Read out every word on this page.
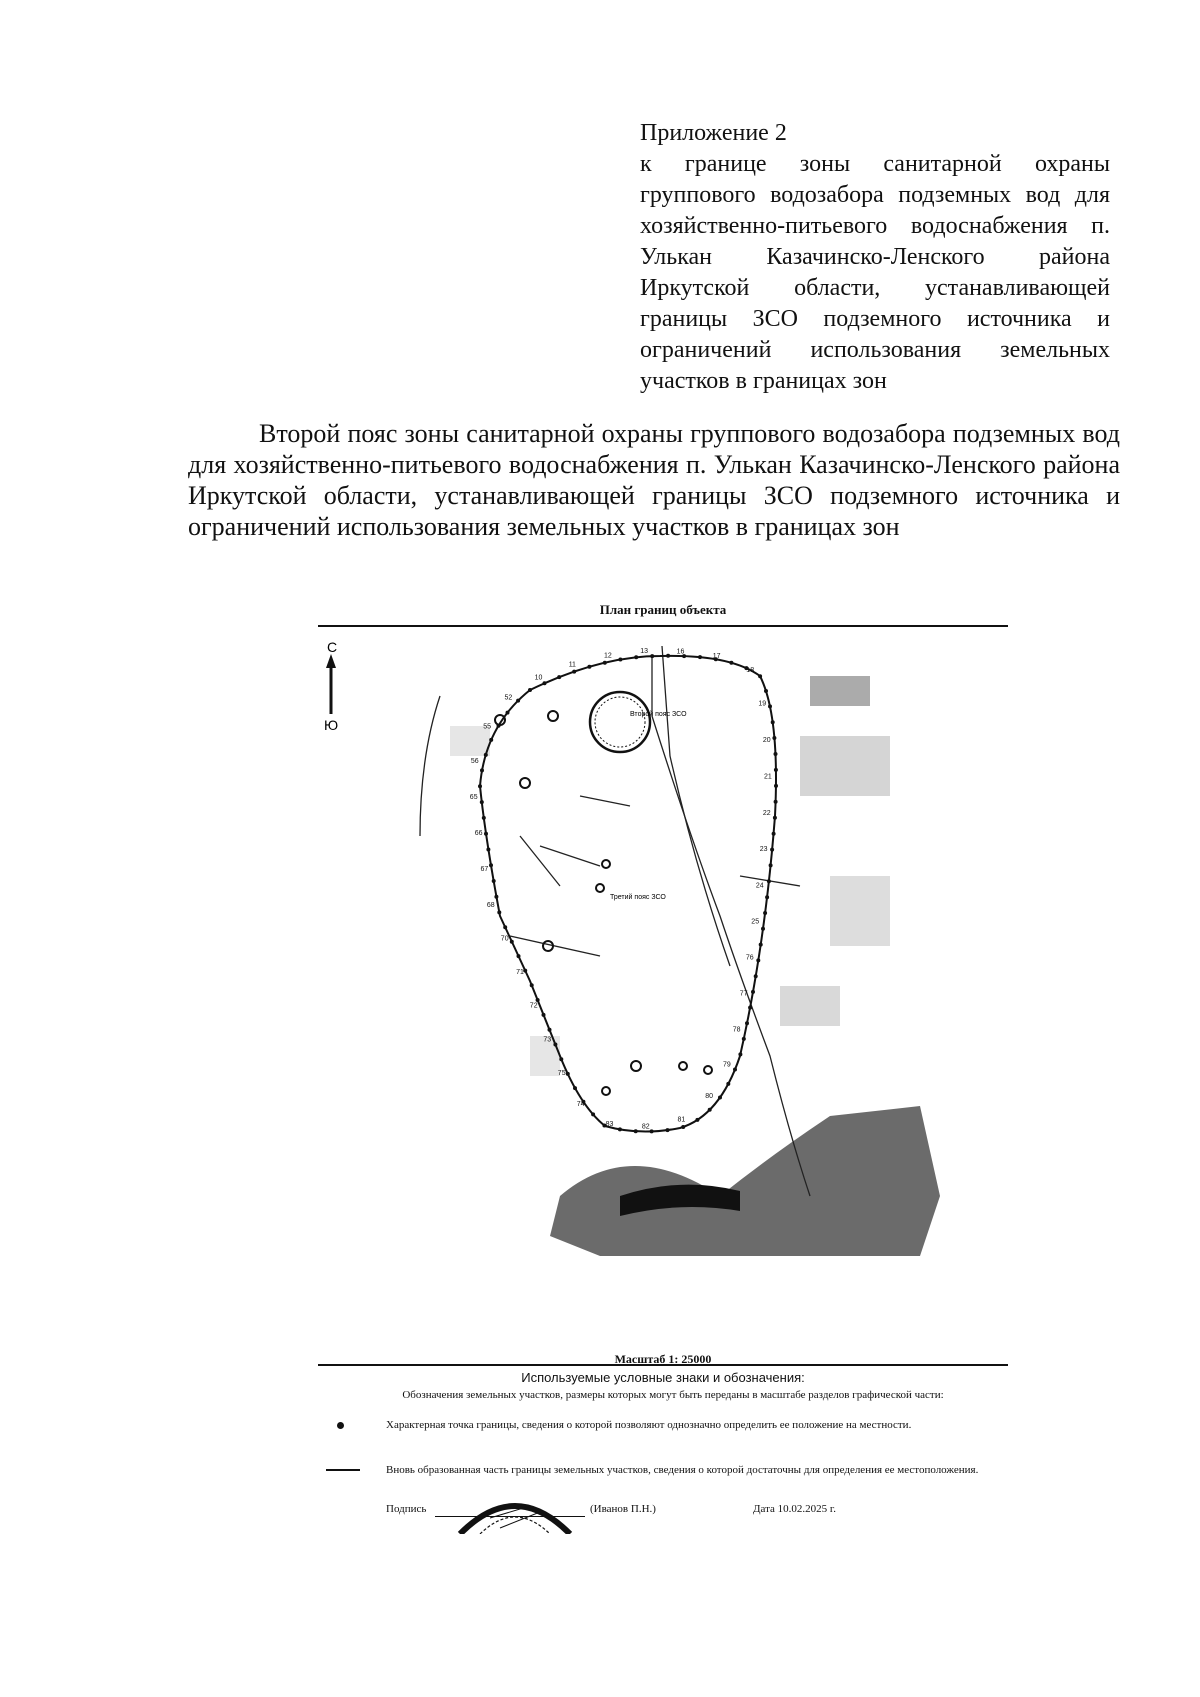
Приложение 2
к границе зоны санитарной охраны группового водозабора подземных вод для хозяйственно-питьевого водоснабжения п. Улькан Казачинско-Ленского района Иркутской области, устанавливающей границы ЗСО подземного источника и ограничений использования земельных участков в границах зон
Второй пояс зоны санитарной охраны группового водозабора подземных вод для хозяйственно-питьевого водоснабжения п. Улькан Казачинско-Ленского района Иркутской области, устанавливающей границы ЗСО подземного источника и ограничений использования земельных участков в границах зон
План границ объекта
С
Ю
10
11
12
13	16
17
18
19
20
21
22
23
24
25
76
77
78
79
80
81
82
83
74
75
73
72
71
70
68
67
66
65
56
55
52
Второй пояс ЗСО
Третий пояс ЗСО
Масштаб 1: 25000
Используемые условные знаки и обозначения:
Обозначения земельных участков, размеры которых могут быть переданы в масштабе разделов графической части:
Характерная точка границы, сведения о которой позволяют однозначно определить ее положение на местности.
Вновь образованная часть границы земельных участков, сведения о которой достаточны для определения ее местоположения.
Подпись	(Иванов П.Н.)	Дата 10.02.2025 г.
